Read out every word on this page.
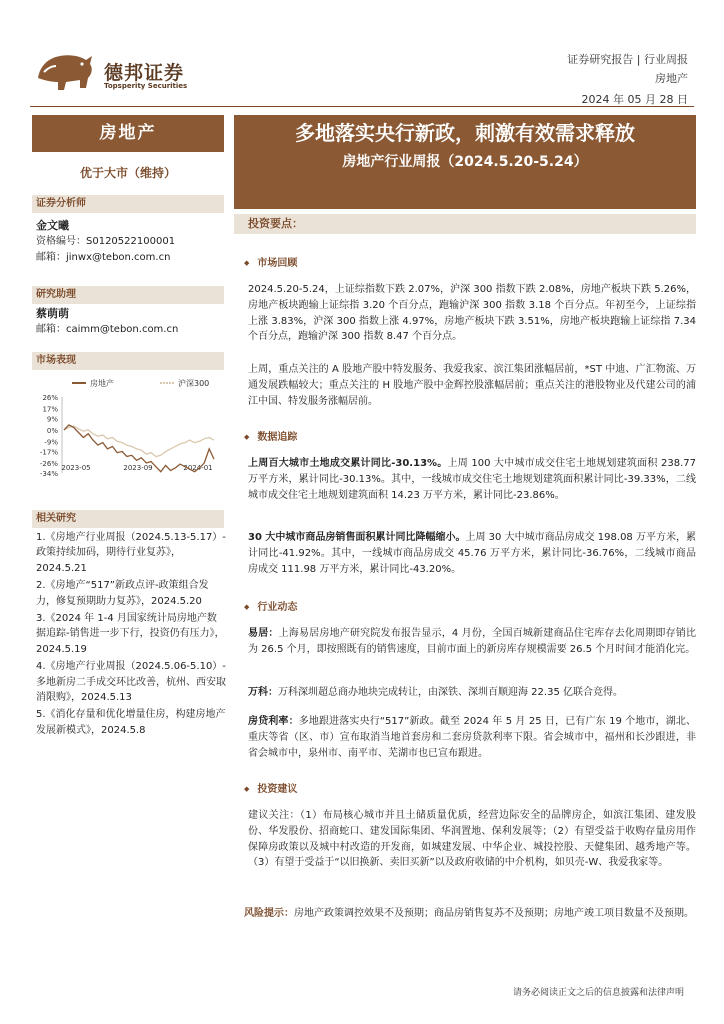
德邦证券
Topsperity Securities
证券研究报告 | 行业周报
房地产
2024 年 05 月 28 日
房地产
优于大市（维持）
证券分析师
金文曦
资格编号：S0120522100001
邮箱：jinwx@tebon.com.cn
研究助理
蔡萌萌
邮箱：caimm@tebon.com.cn
市场表现
房地产	沪深300
26%
17%
9%
0%
-9%
-17%
-26%
-34%
2023-05	2023-09	2024-01
相关研究
1.《房地产行业周报（2024.5.13-5.17）-政策持续加码，期待行业复苏》，2024.5.21
2.《房地产“517”新政点评-政策组合发力，修复预期助力复苏》，2024.5.20
3.《2024 年 1-4 月国家统计局房地产数据追踪-销售进一步下行，投资仍有压力》，2024.5.19
4.《房地产行业周报（2024.5.06-5.10）-多地新房二手成交环比改善，杭州、西安取消限购》，2024.5.13
5.《消化存量和优化增量住房，构建房地产发展新模式》，2024.5.8
多地落实央行新政，刺激有效需求释放
房地产行业周报（2024.5.20-5.24）
投资要点：
◆ 市场回顾
2024.5.20-5.24，上证综指数下跌 2.07%，沪深 300 指数下跌 2.08%，房地产板块下跌 5.26%，房地产板块跑输上证综指 3.20 个百分点，跑输沪深 300 指数 3.18 个百分点。年初至今，上证综指上涨 3.83%，沪深 300 指数上涨 4.97%，房地产板块下跌 3.51%，房地产板块跑输上证综指 7.34 个百分点，跑输沪深 300 指数 8.47 个百分点。
上周，重点关注的 A 股地产股中特发服务、我爱我家、滨江集团涨幅居前，*ST 中迪、广汇物流、万通发展跌幅较大；重点关注的 H 股地产股中金辉控股涨幅居前；重点关注的港股物业及代建公司的浦江中国、特发服务涨幅居前。
◆ 数据追踪
上周百大城市土地成交累计同比-30.13%。上周 100 大中城市成交住宅土地规划建筑面积 238.77 万平方米，累计同比-30.13%。其中，一线城市成交住宅土地规划建筑面积累计同比-39.33%，二线城市成交住宅土地规划建筑面积 14.23 万平方米，累计同比-23.86%。
30 大中城市商品房销售面积累计同比降幅缩小。上周 30 大中城市商品房成交 198.08 万平方米，累计同比-41.92%。其中，一线城市商品房成交 45.76 万平方米，累计同比-36.76%，二线城市商品房成交 111.98 万平方米，累计同比-43.20%。
◆ 行业动态
易居：上海易居房地产研究院发布报告显示，4 月份，全国百城新建商品住宅库存去化周期即存销比为 26.5 个月，即按照既有的销售速度，目前市面上的新房库存规模需要 26.5 个月时间才能消化完。
万科：万科深圳超总商办地块完成转让，由深铁、深圳百顺迎海 22.35 亿联合竞得。
房贷利率：多地跟进落实央行“517”新政。截至 2024 年 5 月 25 日，已有广东 19 个地市，湖北、重庆等省（区、市）宣布取消当地首套房和二套房贷款利率下限。省会城市中，福州和长沙跟进，非省会城市中，泉州市、南平市、芜湖市也已宣布跟进。
◆ 投资建议
建议关注：（1）布局核心城市并且土储质量优质，经营边际安全的品牌房企，如滨江集团、建发股份、华发股份、招商蛇口、建发国际集团、华润置地、保利发展等；（2）有望受益于收购存量房用作保障房政策以及城中村改造的开发商，如城建发展、中华企业、城投控股、天健集团、越秀地产等。（3）有望于受益于“以旧换新、卖旧买新”以及政府收储的中介机构，如贝壳-W、我爱我家等。
风险提示：房地产政策调控效果不及预期；商品房销售复苏不及预期；房地产竣工项目数量不及预期。
请务必阅读正文之后的信息披露和法律声明
